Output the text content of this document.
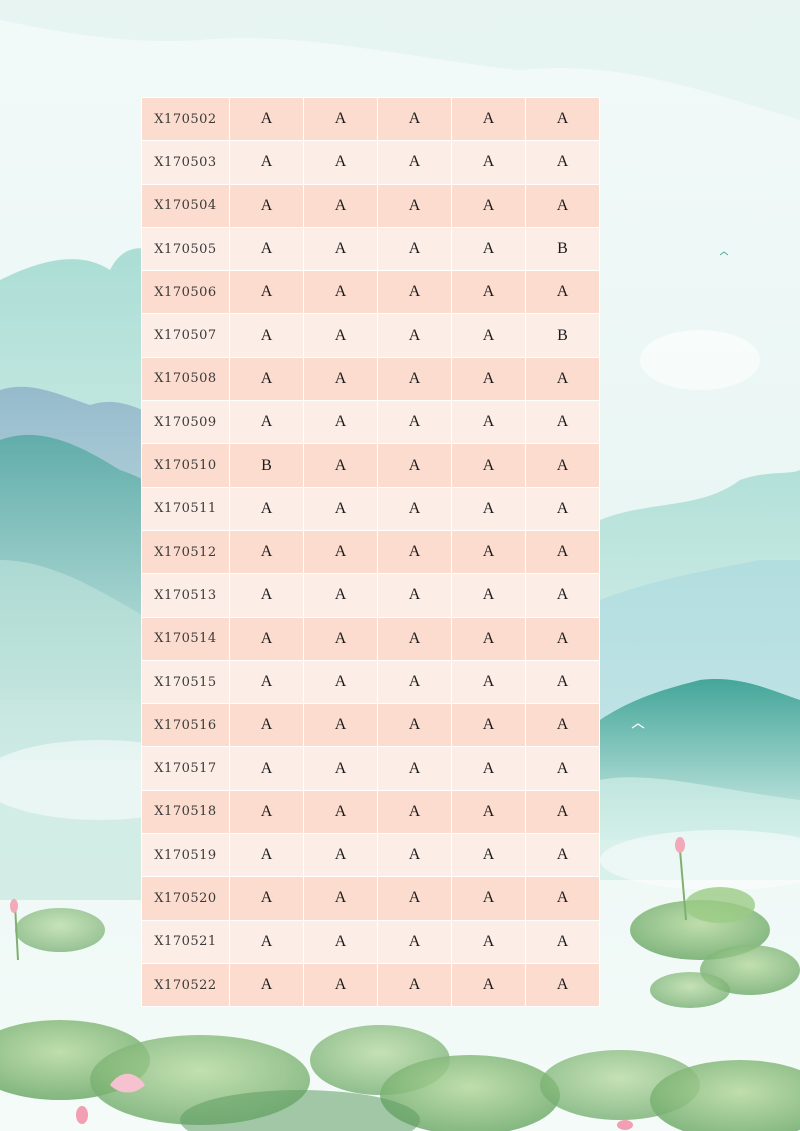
X170502	A	A	A	A	A
X170503	A	A	A	A	A
X170504	A	A	A	A	A
X170505	A	A	A	A	B
X170506	A	A	A	A	A
X170507	A	A	A	A	B
X170508	A	A	A	A	A
X170509	A	A	A	A	A
X170510	B	A	A	A	A
X170511	A	A	A	A	A
X170512	A	A	A	A	A
X170513	A	A	A	A	A
X170514	A	A	A	A	A
X170515	A	A	A	A	A
X170516	A	A	A	A	A
X170517	A	A	A	A	A
X170518	A	A	A	A	A
X170519	A	A	A	A	A
X170520	A	A	A	A	A
X170521	A	A	A	A	A
X170522	A	A	A	A	A
